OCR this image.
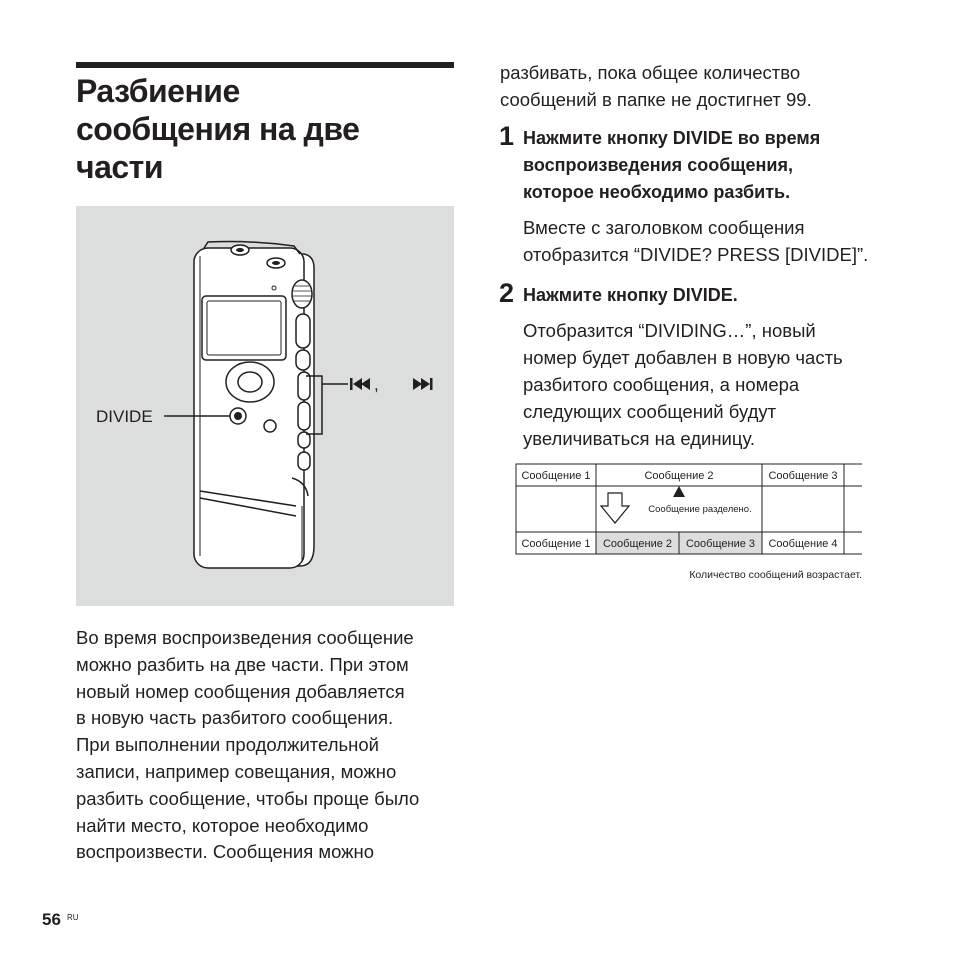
Разбиение
сообщения на две
части
,
DIVIDE
Во время воспроизведения сообщение
можно разбить на две части. При этом
новый номер сообщения добавляется
в новую часть разбитого сообщения.
При выполнении продолжительной
записи, например совещания, можно
разбить сообщение, чтобы проще было
найти место, которое необходимо
воспроизвести. Сообщения можно
разбивать, пока общее количество
сообщений в папке не достигнет 99.
1 Нажмите кнопку DIVIDE во время
воспроизведения сообщения,
которое необходимо разбить.
Вместе с заголовком сообщения
отобразится “DIVIDE? PRESS [DIVIDE]”.
2 Нажмите кнопку DIVIDE.
Отобразится “DIVIDING…”, новый
номер будет добавлен в новую часть
разбитого сообщения, а номера
следующих сообщений будут
увеличиваться на единицу.
Сообщение 1	Сообщение 2	Сообщение 3
Сообщение разделено.
Сообщение 1 Сообщение 2 Сообщение 3 Сообщение 4
Количество сообщений возрастает.
56 RU
